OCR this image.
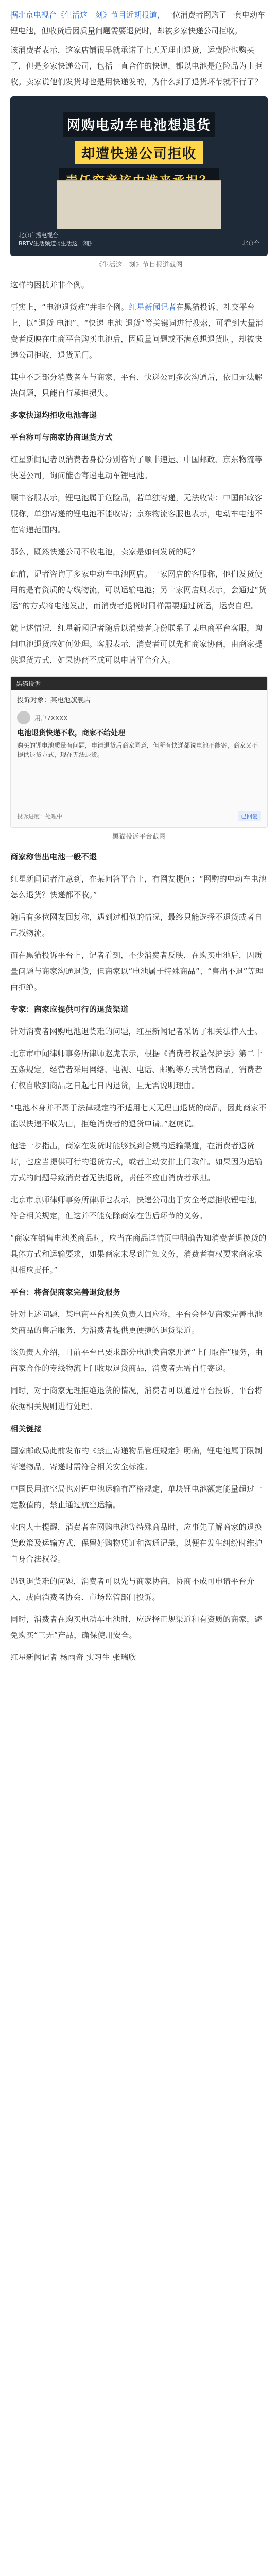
据北京电视台《生活这一刻》节目近期报道，一位消费者网购了一套电动车锂电池，但收货后因质量问题需要退货时，却被多家快递公司拒收。

该消费者表示，这家店铺很早就承诺了七天无理由退货，运费险也购买了，但是多家快递公司，包括一直合作的快递，都以电池是危险品为由拒收。卖家说他们发货时也是用快递发的，为什么到了退货环节就不行了？

网购电动车电池想退货
却遭快递公司拒收

北京广播电视台
BRTV生活频道·《生活这一刻》	北京台
《生活这一刻》节目报道截图

这样的困扰并非个例。

事实上，“电池退货难”并非个例。红星新闻记者在黑猫投诉、社交平台上，以“退货 电池”、“快递 电池 退货”等关键词进行搜索，可看到大量消费者反映在电商平台购买电池后，因质量问题或不满意想退货时，却被快递公司拒收，退货无门。

其中不乏部分消费者在与商家、平台、快递公司多次沟通后，依旧无法解决问题，只能自行承担损失。

多家快递均拒收电池寄递

平台称可与商家协商退货方式

红星新闻记者以消费者身份分别咨询了顺丰速运、中国邮政、京东物流等快递公司，询问能否寄递电动车锂电池。

顺丰客服表示，锂电池属于危险品，若单独寄递，无法收寄；中国邮政客服称，单独寄递的锂电池不能收寄；京东物流客服也表示，电动车电池不在寄递范围内。

那么，既然快递公司不收电池，卖家是如何发货的呢？

此前，记者咨询了多家电动车电池网店。一家网店的客服称，他们发货使用的是有资质的专线物流，可以运输电池；另一家网店则表示，会通过“货运”的方式将电池发出，而消费者退货时同样需要通过货运，运费自理。

就上述情况，红星新闻记者随后以消费者身份联系了某电商平台客服，询问电池退货应如何处理。客服表示，消费者可以先和商家协商，由商家提供退货方式，如果协商不成可以申请平台介入。

黑猫投诉
投诉对象：某电池旗舰店
用户7XXXX
电池退货快递不收，商家不给处理
购买的锂电池质量有问题，申请退货后商家同意，但所有快递都说电池不能寄，商家又不提供退货方式，现在无法退货。
投诉进度：处理中	已回复
黑猫投诉平台截图

商家称售出电池一般不退

红星新闻记者注意到，在某问答平台上，有网友提问：“网购的电动车电池怎么退货？快递都不收。”

随后有多位网友回复称，遇到过相似的情况，最终只能选择不退货或者自己找物流。

而在黑猫投诉平台上，记者看到，不少消费者反映，在购买电池后，因质量问题与商家沟通退货，但商家以“电池属于特殊商品”、“售出不退”等理由拒绝。

专家：商家应提供可行的退货渠道

针对消费者网购电池退货难的问题，红星新闻记者采访了相关法律人士。

北京市中闻律师事务所律师赵虎表示，根据《消费者权益保护法》第二十五条规定，经营者采用网络、电视、电话、邮购等方式销售商品，消费者有权自收到商品之日起七日内退货，且无需说明理由。

“电池本身并不属于法律规定的不适用七天无理由退货的商品，因此商家不能以快递不收为由，拒绝消费者的退货申请。”赵虎说。

他进一步指出，商家在发货时能够找到合规的运输渠道，在消费者退货时，也应当提供可行的退货方式，或者主动安排上门取件。如果因为运输方式的问题导致消费者无法退货，责任不应由消费者承担。

北京市京师律师事务所律师也表示，快递公司出于安全考虑拒收锂电池，符合相关规定，但这并不能免除商家在售后环节的义务。

“商家在销售电池类商品时，应当在商品详情页中明确告知消费者退换货的具体方式和运输要求，如果商家未尽到告知义务，消费者有权要求商家承担相应责任。”

平台：将督促商家完善退货服务

针对上述问题，某电商平台相关负责人回应称，平台会督促商家完善电池类商品的售后服务，为消费者提供更便捷的退货渠道。

该负责人介绍，目前平台已要求部分电池类商家开通“上门取件”服务，由商家合作的专线物流上门收取退货商品，消费者无需自行寄递。

同时，对于商家无理拒绝退货的情况，消费者可以通过平台投诉，平台将依据相关规则进行处理。

相关链接

国家邮政局此前发布的《禁止寄递物品管理规定》明确，锂电池属于限制寄递物品，寄递时需符合相关安全标准。

中国民用航空局也对锂电池运输有严格规定，单块锂电池额定能量超过一定数值的，禁止通过航空运输。

业内人士提醒，消费者在网购电池等特殊商品时，应事先了解商家的退换货政策及运输方式，保留好购物凭证和沟通记录，以便在发生纠纷时维护自身合法权益。

遇到退货难的问题，消费者可以先与商家协商，协商不成可申请平台介入，或向消费者协会、市场监管部门投诉。

同时，消费者在购买电动车电池时，应选择正规渠道和有资质的商家，避免购买“三无”产品，确保使用安全。

红星新闻记者 杨雨奇 实习生 张瑞欣
